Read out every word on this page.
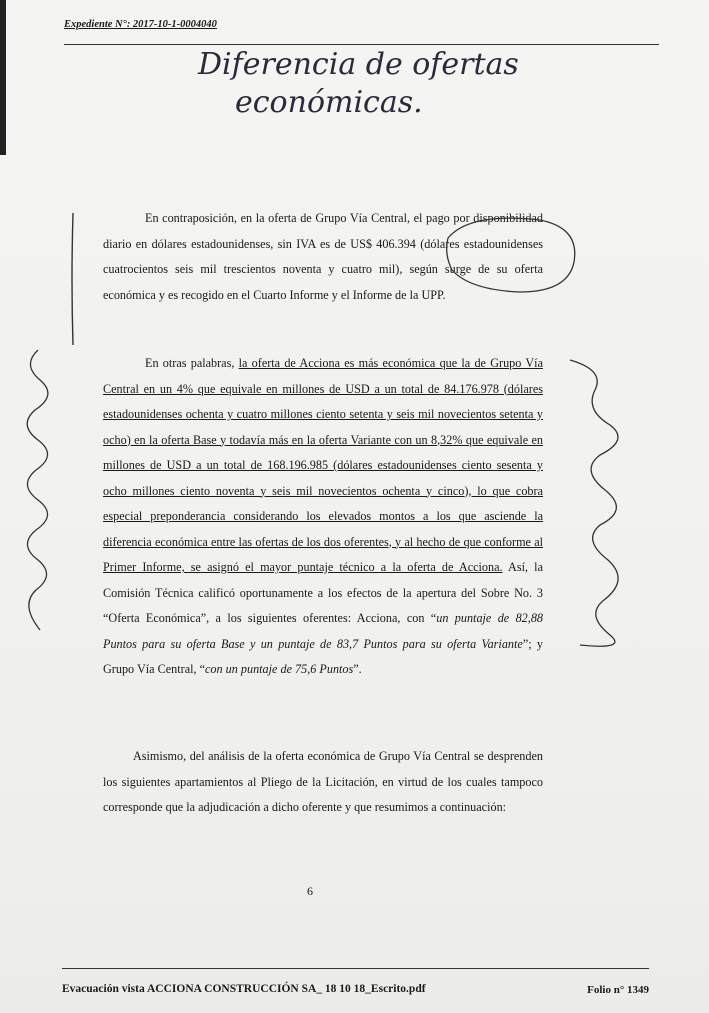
Expediente N°: 2017-10-1-0004040
Diferencia de ofertas
económicas.

En contraposición, en la oferta de Grupo Vía Central, el pago por disponibilidad diario en dólares estadounidenses, sin IVA es de US$ 406.394 (dólares estadounidenses cuatrocientos seis mil trescientos noventa y cuatro mil), según surge de su oferta económica y es recogido en el Cuarto Informe y el Informe de la UPP.

En otras palabras, la oferta de Acciona es más económica que la de Grupo Vía Central en un 4% que equivale en millones de USD a un total de 84.176.978 (dólares estadounidenses ochenta y cuatro millones ciento setenta y seis mil novecientos setenta y ocho) en la oferta Base y todavía más en la oferta Variante con un 8,32% que equivale en millones de USD a un total de 168.196.985 (dólares estadounidenses ciento sesenta y ocho millones ciento noventa y seis mil novecientos ochenta y cinco), lo que cobra especial preponderancia considerando los elevados montos a los que asciende la diferencia económica entre las ofertas de los dos oferentes, y al hecho de que conforme al Primer Informe, se asignó el mayor puntaje técnico a la oferta de Acciona. Así, la Comisión Técnica calificó oportunamente a los efectos de la apertura del Sobre No. 3 “Oferta Económica”, a los siguientes oferentes: Acciona, con “un puntaje de 82,88 Puntos para su oferta Base y un puntaje de 83,7 Puntos para su oferta Variante”; y Grupo Vía Central, “con un puntaje de 75,6 Puntos”.

Asimismo, del análisis de la oferta económica de Grupo Vía Central se desprenden los siguientes apartamientos al Pliego de la Licitación, en virtud de los cuales tampoco corresponde que la adjudicación a dicho oferente y que resumimos a continuación:

6
Evacuación vista ACCIONA CONSTRUCCIÓN SA_ 18 10 18_Escrito.pdf	Folio n° 1349
